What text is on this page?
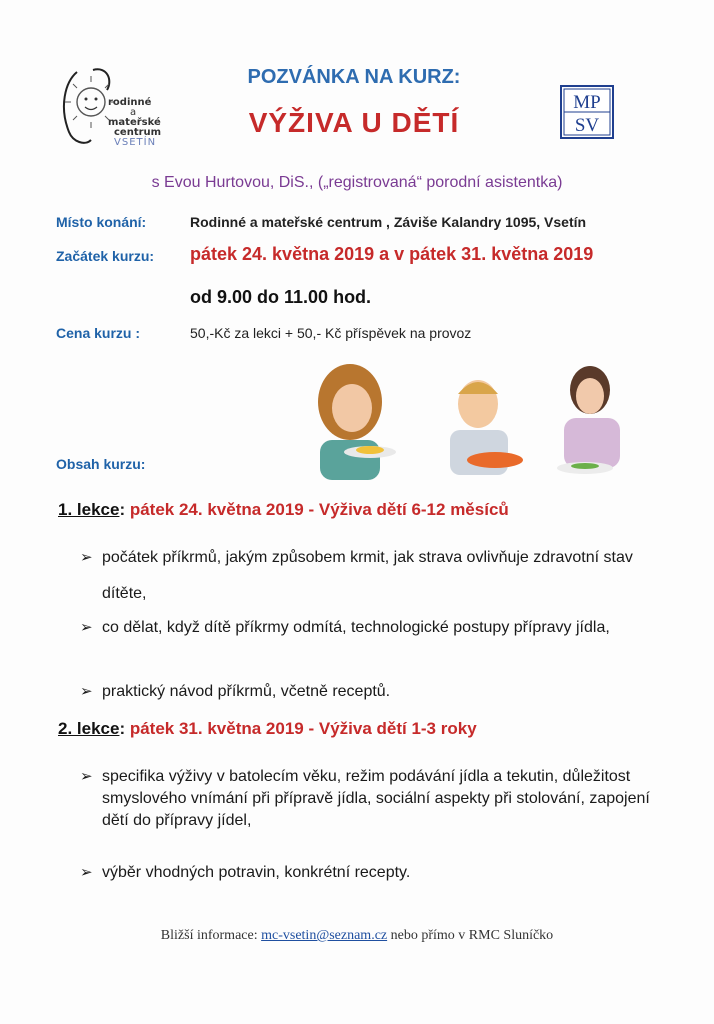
rodinné
a
mateřské
centrum
VSETÍN
POZVÁNKA NA KURZ:
VÝŽIVA U DĚTÍ
MP
SV
s Evou Hurtovou, DiS., („registrovaná“ porodní asistentka)
Místo konání:	Rodinné a mateřské centrum , Záviše Kalandry 1095, Vsetín
Začátek kurzu: pátek 24. května 2019 a v pátek 31. května 2019
od 9.00 do 11.00 hod.
Cena kurzu :	50,-Kč za lekci + 50,- Kč příspěvek na provoz
Obsah kurzu:
1. lekce: pátek 24. května 2019 - Výživa dětí 6-12 měsíců
➢ počátek příkrmů, jakým způsobem krmit, jak strava ovlivňuje zdravotní stav dítěte,
➢ co dělat, když dítě příkrmy odmítá, technologické postupy přípravy jídla,
➢ praktický návod příkrmů, včetně receptů.
2. lekce: pátek 31. května 2019 - Výživa dětí 1-3 roky
➢ specifika výživy v batolecím věku, režim podávání jídla a tekutin, důležitost smyslového vnímání při přípravě jídla, sociální aspekty při stolování, zapojení dětí do přípravy jídel,
➢ výběr vhodných potravin, konkrétní recepty.
Bližší informace: mc-vsetin@seznam.cz nebo přímo v RMC Sluníčko
